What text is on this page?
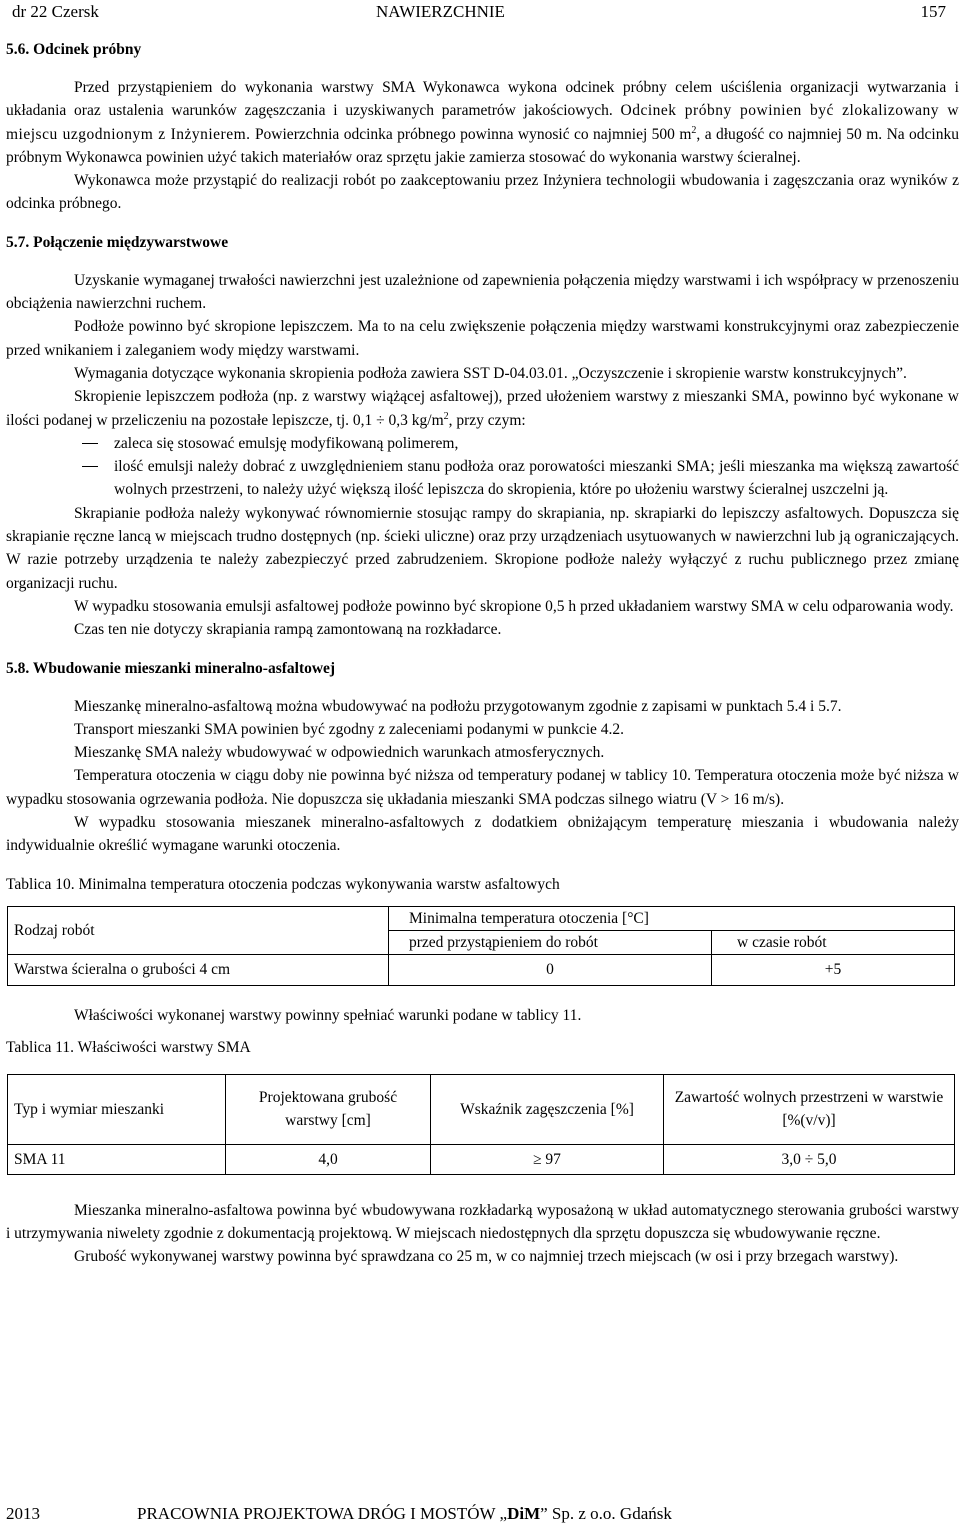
dr 22 Czersk	NAWIERZCHNIE	157
5.6. Odcinek próbny

Przed przystąpieniem do wykonania warstwy SMA Wykonawca wykona odcinek próbny celem uściślenia organizacji wytwarzania i układania oraz ustalenia warunków zagęszczania i uzyskiwanych parametrów jakościowych. Odcinek próbny powinien być zlokalizowany w miejscu uzgodnionym z Inżynierem. Powierzchnia odcinka próbnego powinna wynosić co najmniej 500 $m^2$, a długość co najmniej 50 m. Na odcinku próbnym Wykonawca powinien użyć takich materiałów oraz sprzętu jakie zamierza stosować do wykonania warstwy ścieralnej.

Wykonawca może przystąpić do realizacji robót po zaakceptowaniu przez Inżyniera technologii wbudowania i zagęszczania oraz wyników z odcinka próbnego.

5.7. Połączenie międzywarstwowe

Uzyskanie wymaganej trwałości nawierzchni jest uzależnione od zapewnienia połączenia między warstwami i ich współpracy w przenoszeniu obciążenia nawierzchni ruchem.

Podłoże powinno być skropione lepiszczem. Ma to na celu zwiększenie połączenia między warstwami konstrukcyjnymi oraz zabezpieczenie przed wnikaniem i zaleganiem wody między warstwami.

Wymagania dotyczące wykonania skropienia podłoża zawiera SST D-04.03.01. „Oczyszczenie i skropienie warstw konstrukcyjnych”.

Skropienie lepiszczem podłoża (np. z warstwy wiążącej asfaltowej), przed ułożeniem warstwy z mieszanki SMA, powinno być wykonane w ilości podanej w przeliczeniu na pozostałe lepiszcze, tj. 0,1 ÷ 0,3 $kg/m^2$, przy czym:

zaleca się stosować emulsję modyfikowaną polimerem,
ilość emulsji należy dobrać z uwzględnieniem stanu podłoża oraz porowatości mieszanki SMA; jeśli mieszanka ma większą zawartość wolnych przestrzeni, to należy użyć większą ilość lepiszcza do skropienia, które po ułożeniu warstwy ścieralnej uszczelni ją.

Skrapianie podłoża należy wykonywać równomiernie stosując rampy do skrapiania, np. skrapiarki do lepiszczy asfaltowych. Dopuszcza się skrapianie ręczne lancą w miejscach trudno dostępnych (np. ścieki uliczne) oraz przy urządzeniach usytuowanych w nawierzchni lub ją ograniczających. W razie potrzeby urządzenia te należy zabezpieczyć przed zabrudzeniem. Skropione podłoże należy wyłączyć z ruchu publicznego przez zmianę organizacji ruchu.

W wypadku stosowania emulsji asfaltowej podłoże powinno być skropione 0,5 h przed układaniem warstwy SMA w celu odparowania wody.

Czas ten nie dotyczy skrapiania rampą zamontowaną na rozkładarce.

5.8. Wbudowanie mieszanki mineralno-asfaltowej

Mieszankę mineralno-asfaltową można wbudowywać na podłożu przygotowanym zgodnie z zapisami w punktach 5.4 i 5.7.

Transport mieszanki SMA powinien być zgodny z zaleceniami podanymi w punkcie 4.2.

Mieszankę SMA należy wbudowywać w odpowiednich warunkach atmosferycznych.

Temperatura otoczenia w ciągu doby nie powinna być niższa od temperatury podanej w tablicy 10. Temperatura otoczenia może być niższa w wypadku stosowania ogrzewania podłoża. Nie dopuszcza się układania mieszanki SMA podczas silnego wiatru (V > 16 m/s).

W wypadku stosowania mieszanek mineralno-asfaltowych z dodatkiem obniżającym temperaturę mieszania i wbudowania należy indywidualnie określić wymagane warunki otoczenia.

Tablica 10. Minimalna temperatura otoczenia podczas wykonywania warstw asfaltowych

Rodzaj robót	Minimalna temperatura otoczenia [°C]	
	przed przystąpieniem do robót	w czasie robót
Warstwa ścieralna o grubości 4 cm	0	+5

Właściwości wykonanej warstwy powinny spełniać warunki podane w tablicy 11.

Tablica 11. Właściwości warstwy SMA

Typ i wymiar mieszanki	Projektowana grubość warstwy [cm]	Wskaźnik zagęszczenia [%]	Zawartość wolnych przestrzeni w warstwie [%(v/v)]
SMA 11	4,0	≥ 97	3,0 ÷ 5,0

Mieszanka mineralno-asfaltowa powinna być wbudowywana rozkładarką wyposażoną w układ automatycznego sterowania grubości warstwy i utrzymywania niwelety zgodnie z dokumentacją projektową. W miejscach niedostępnych dla sprzętu dopuszcza się wbudowywanie ręczne.

Grubość wykonywanej warstwy powinna być sprawdzana co 25 m, w co najmniej trzech miejscach (w osi i przy brzegach warstwy).

2013	PRACOWNIA PROJEKTOWA DRÓG I MOSTÓW „DiM” Sp. z o.o. Gdańsk
